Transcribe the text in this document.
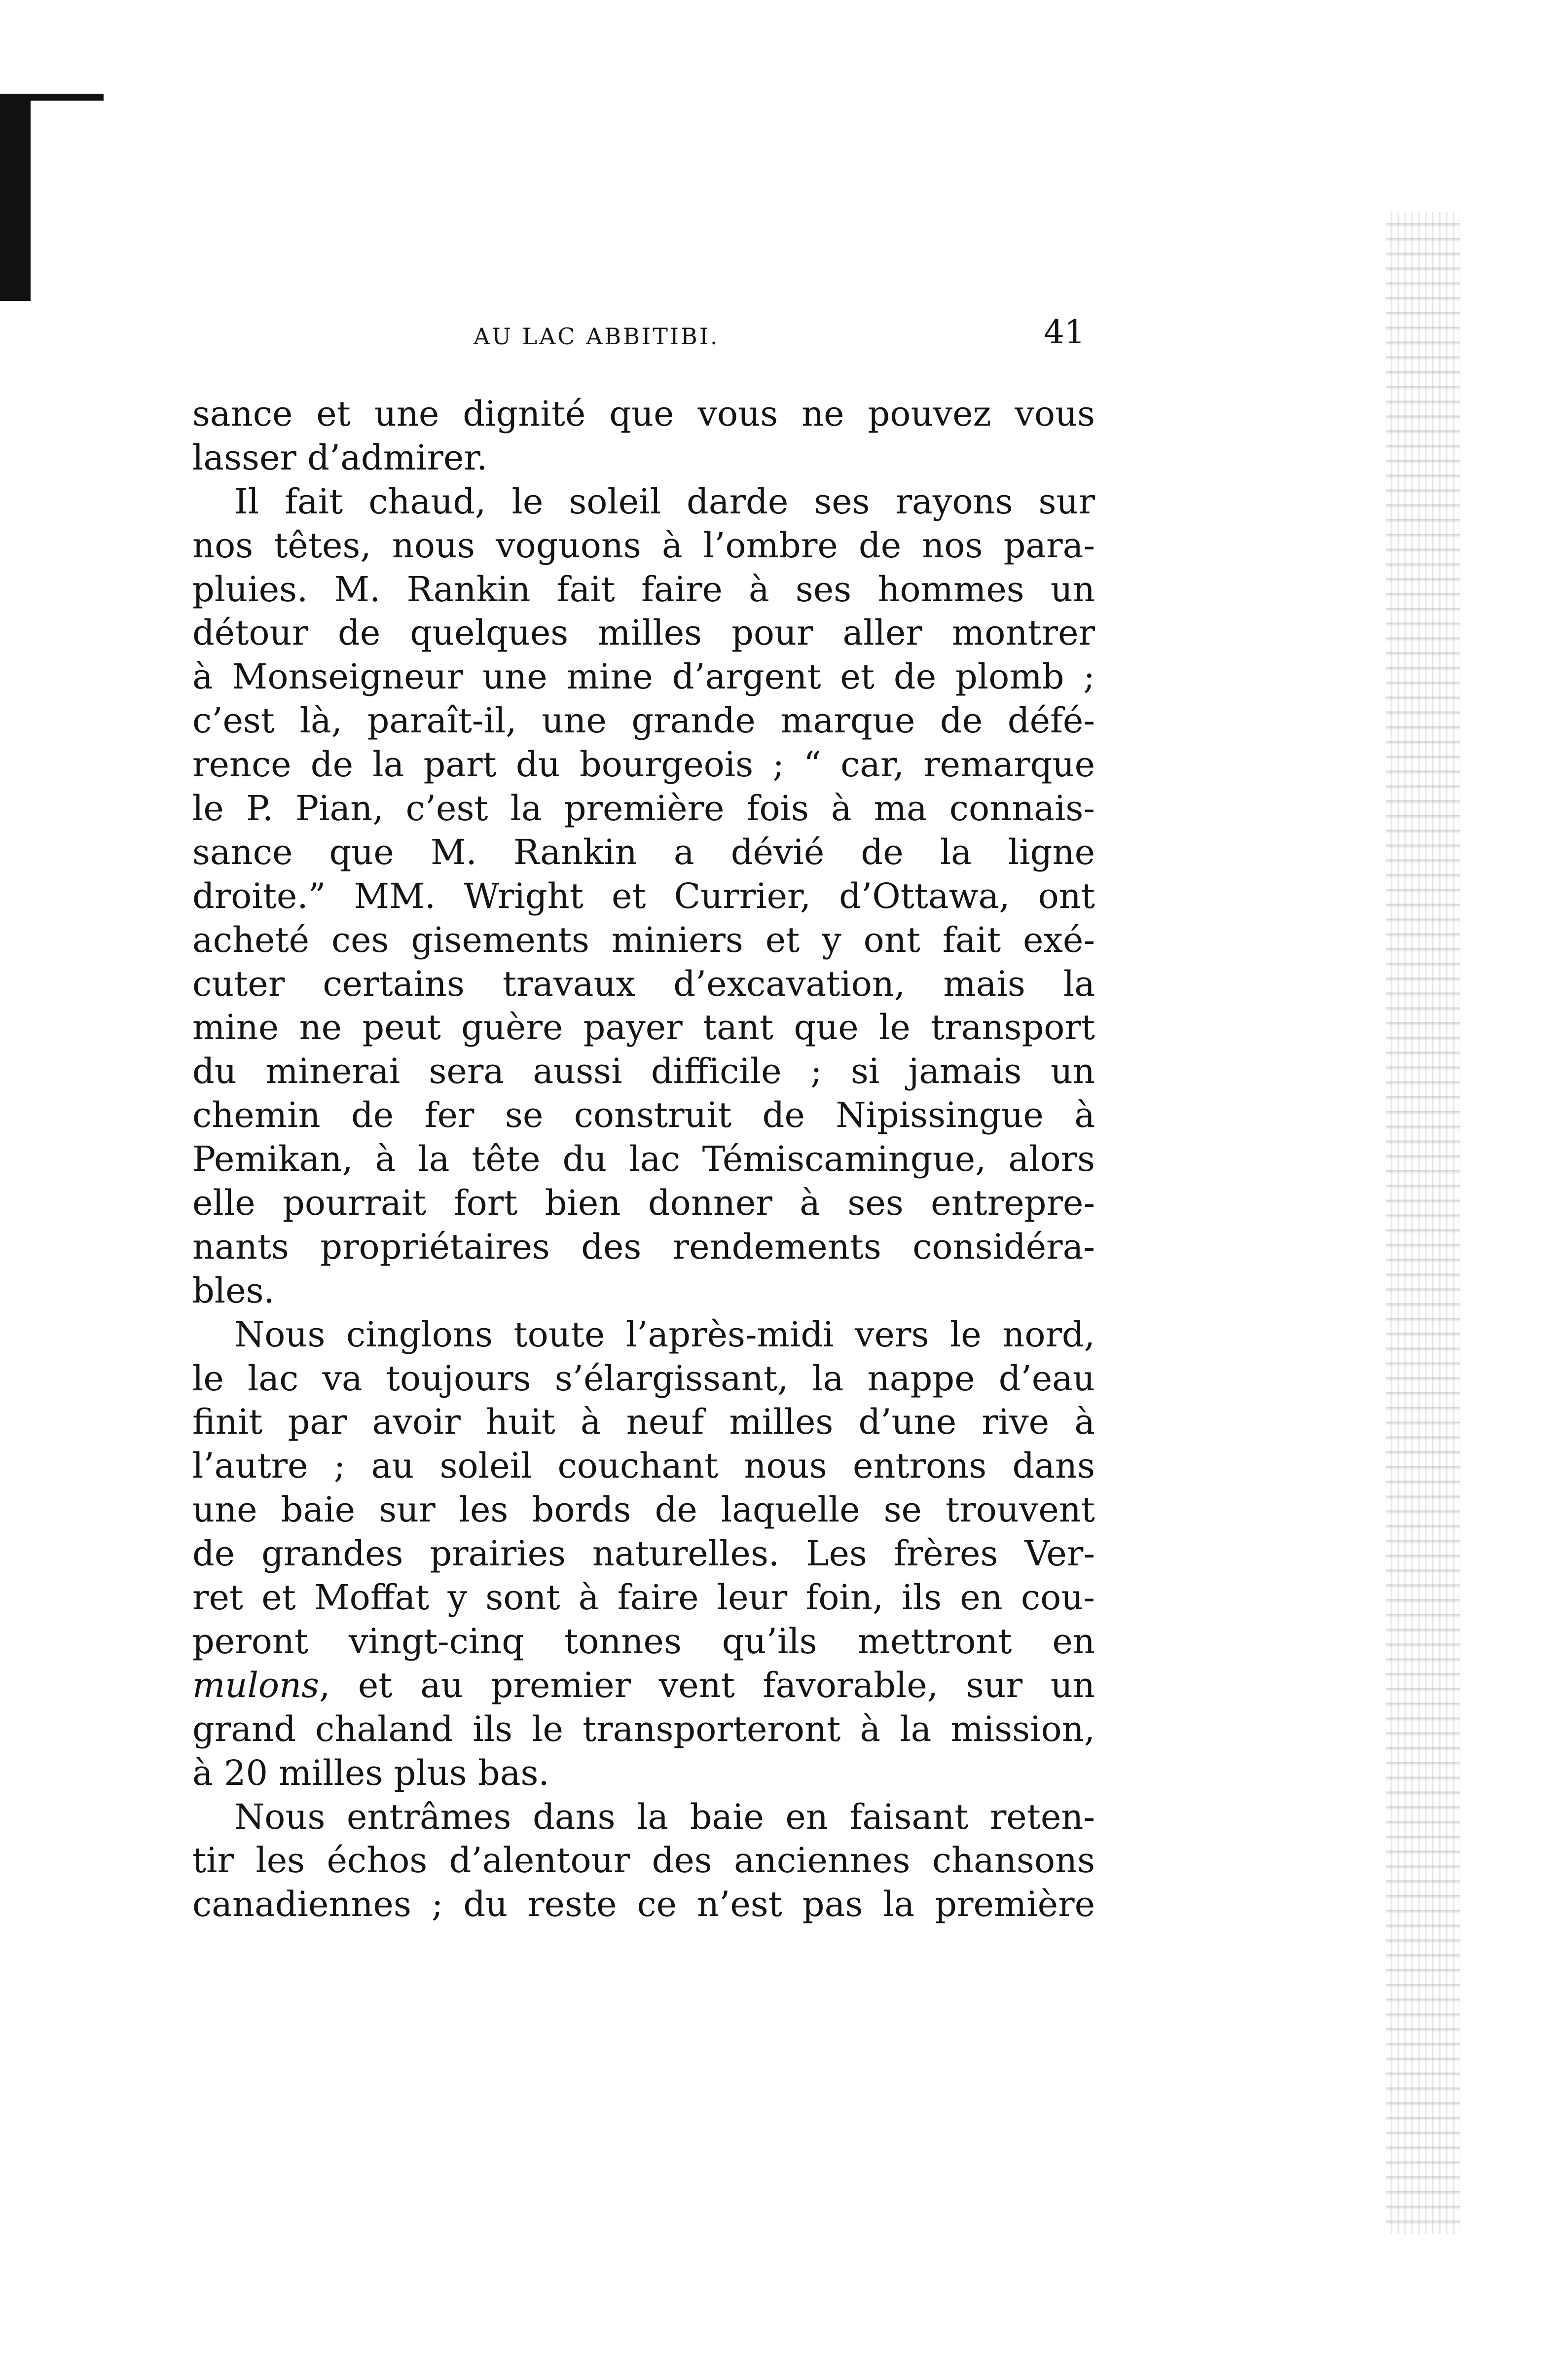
AU LAC ABBITIBI.	41
sance et une dignité que vous ne pouvez vous
lasser d’admirer.
Il fait chaud, le soleil darde ses rayons sur
nos têtes, nous voguons à l’ombre de nos para-
pluies. M. Rankin fait faire à ses hommes un
détour de quelques milles pour aller montrer
à Monseigneur une mine d’argent et de plomb ;
c’est là, paraît-il, une grande marque de défé-
rence de la part du bourgeois ; “ car, remarque
le P. Pian, c’est la première fois à ma connais-
sance que M. Rankin a dévié de la ligne
droite.” MM. Wright et Currier, d’Ottawa, ont
acheté ces gisements miniers et y ont fait exé-
cuter certains travaux d’excavation, mais la
mine ne peut guère payer tant que le transport
du minerai sera aussi difficile ; si jamais un
chemin de fer se construit de Nipissingue à
Pemikan, à la tête du lac Témiscamingue, alors
elle pourrait fort bien donner à ses entrepre-
nants propriétaires des rendements considéra-
bles.
Nous cinglons toute l’après-midi vers le nord,
le lac va toujours s’élargissant, la nappe d’eau
finit par avoir huit à neuf milles d’une rive à
l’autre ; au soleil couchant nous entrons dans
une baie sur les bords de laquelle se trouvent
de grandes prairies naturelles. Les frères Ver-
ret et Moffat y sont à faire leur foin, ils en cou-
peront vingt-cinq tonnes qu’ils mettront en
mulons, et au premier vent favorable, sur un
grand chaland ils le transporteront à la mission,
à 20 milles plus bas.
Nous entrâmes dans la baie en faisant reten-
tir les échos d’alentour des anciennes chansons
canadiennes ; du reste ce n’est pas la première
